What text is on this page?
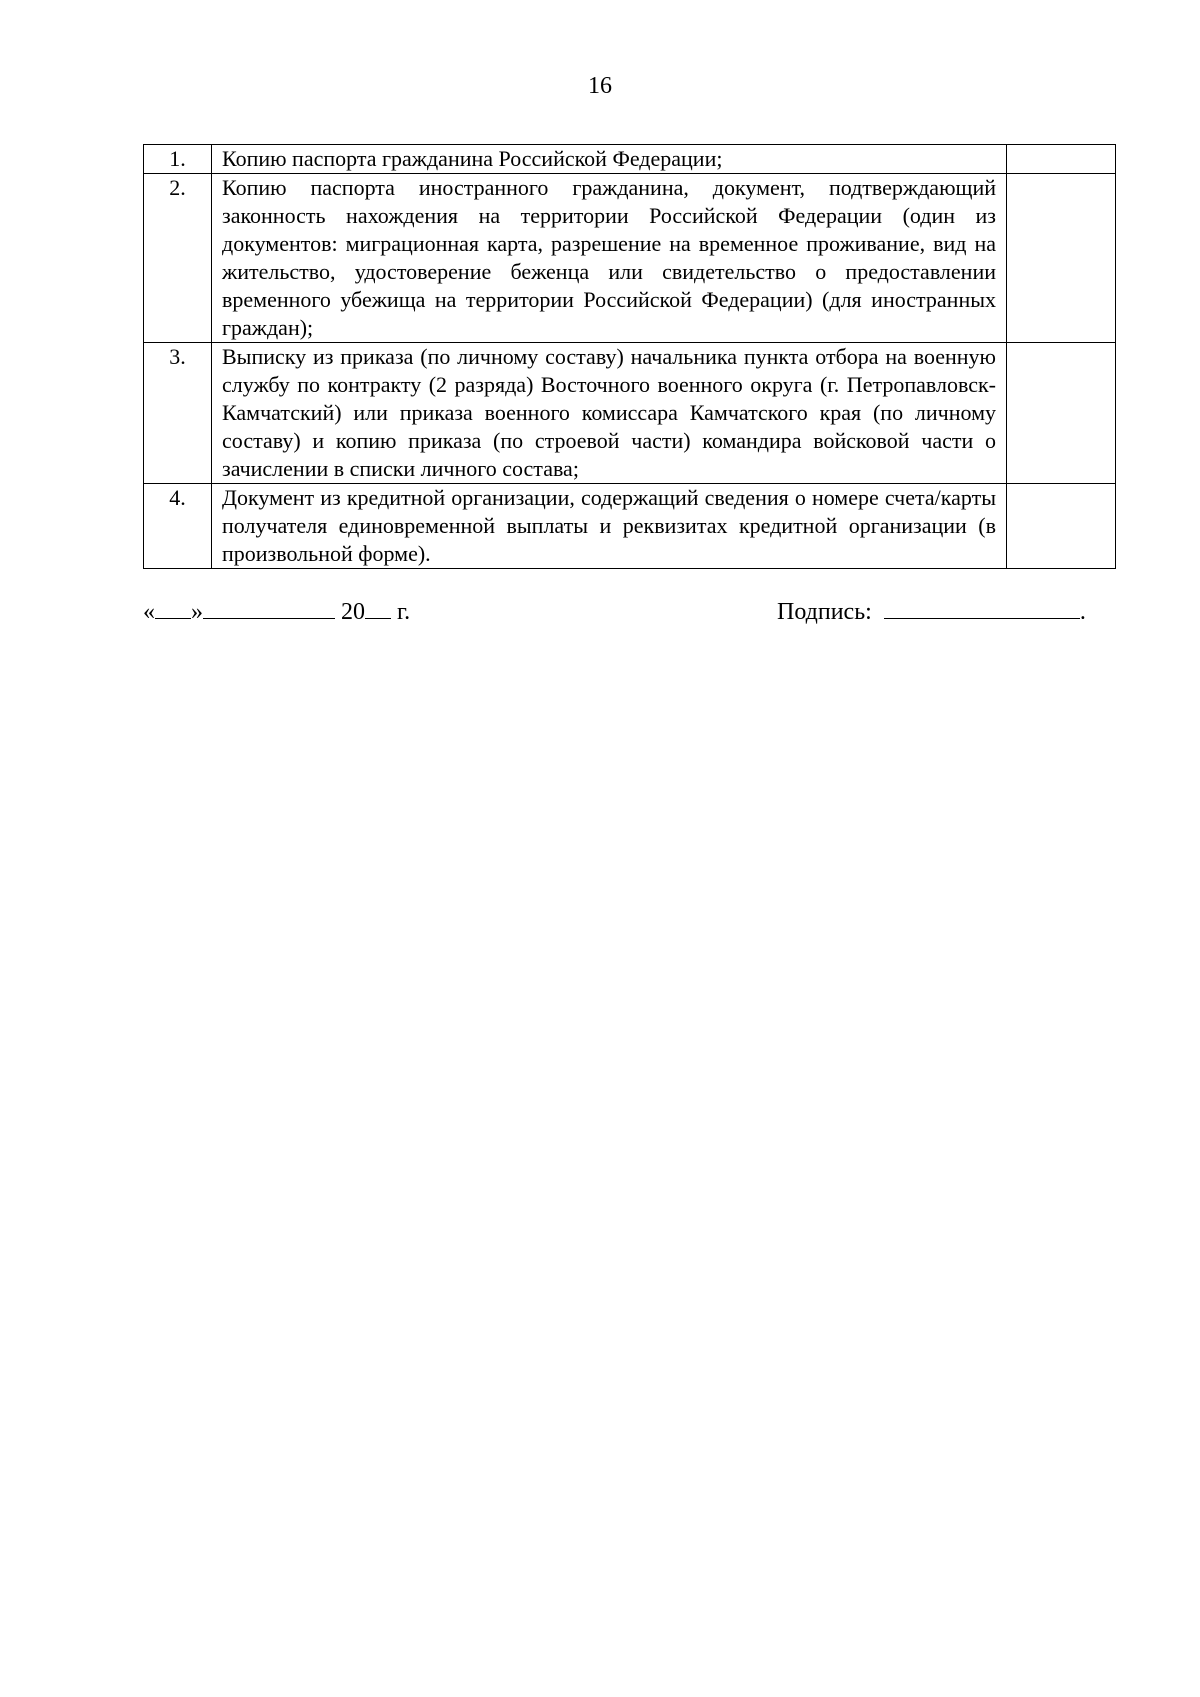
16
1.	Копию паспорта гражданина Российской Федерации;	
2.	Копию паспорта иностранного гражданина, документ, подтверждающий законность нахождения на территории Российской Федерации (один из документов: миграционная карта, разрешение на временное проживание, вид на жительство, удостоверение беженца или свидетельство о предоставлении временного убежища на территории Российской Федерации) (для иностранных граждан);	
3.	Выписку из приказа (по личному составу) начальника пункта отбора на военную службу по контракту (2 разряда) Восточного военного округа (г. Петропавловск-Камчатский) или приказа военного комиссара Камчатского края (по личному составу) и копию приказа (по строевой части) командира войсковой части о зачислении в списки личного состава;	
4.	Документ из кредитной организации, содержащий сведения о номере счета/карты получателя единовременной выплаты и реквизитах кредитной организации (в произвольной форме).	
« »	20 г.	Подпись:	.
